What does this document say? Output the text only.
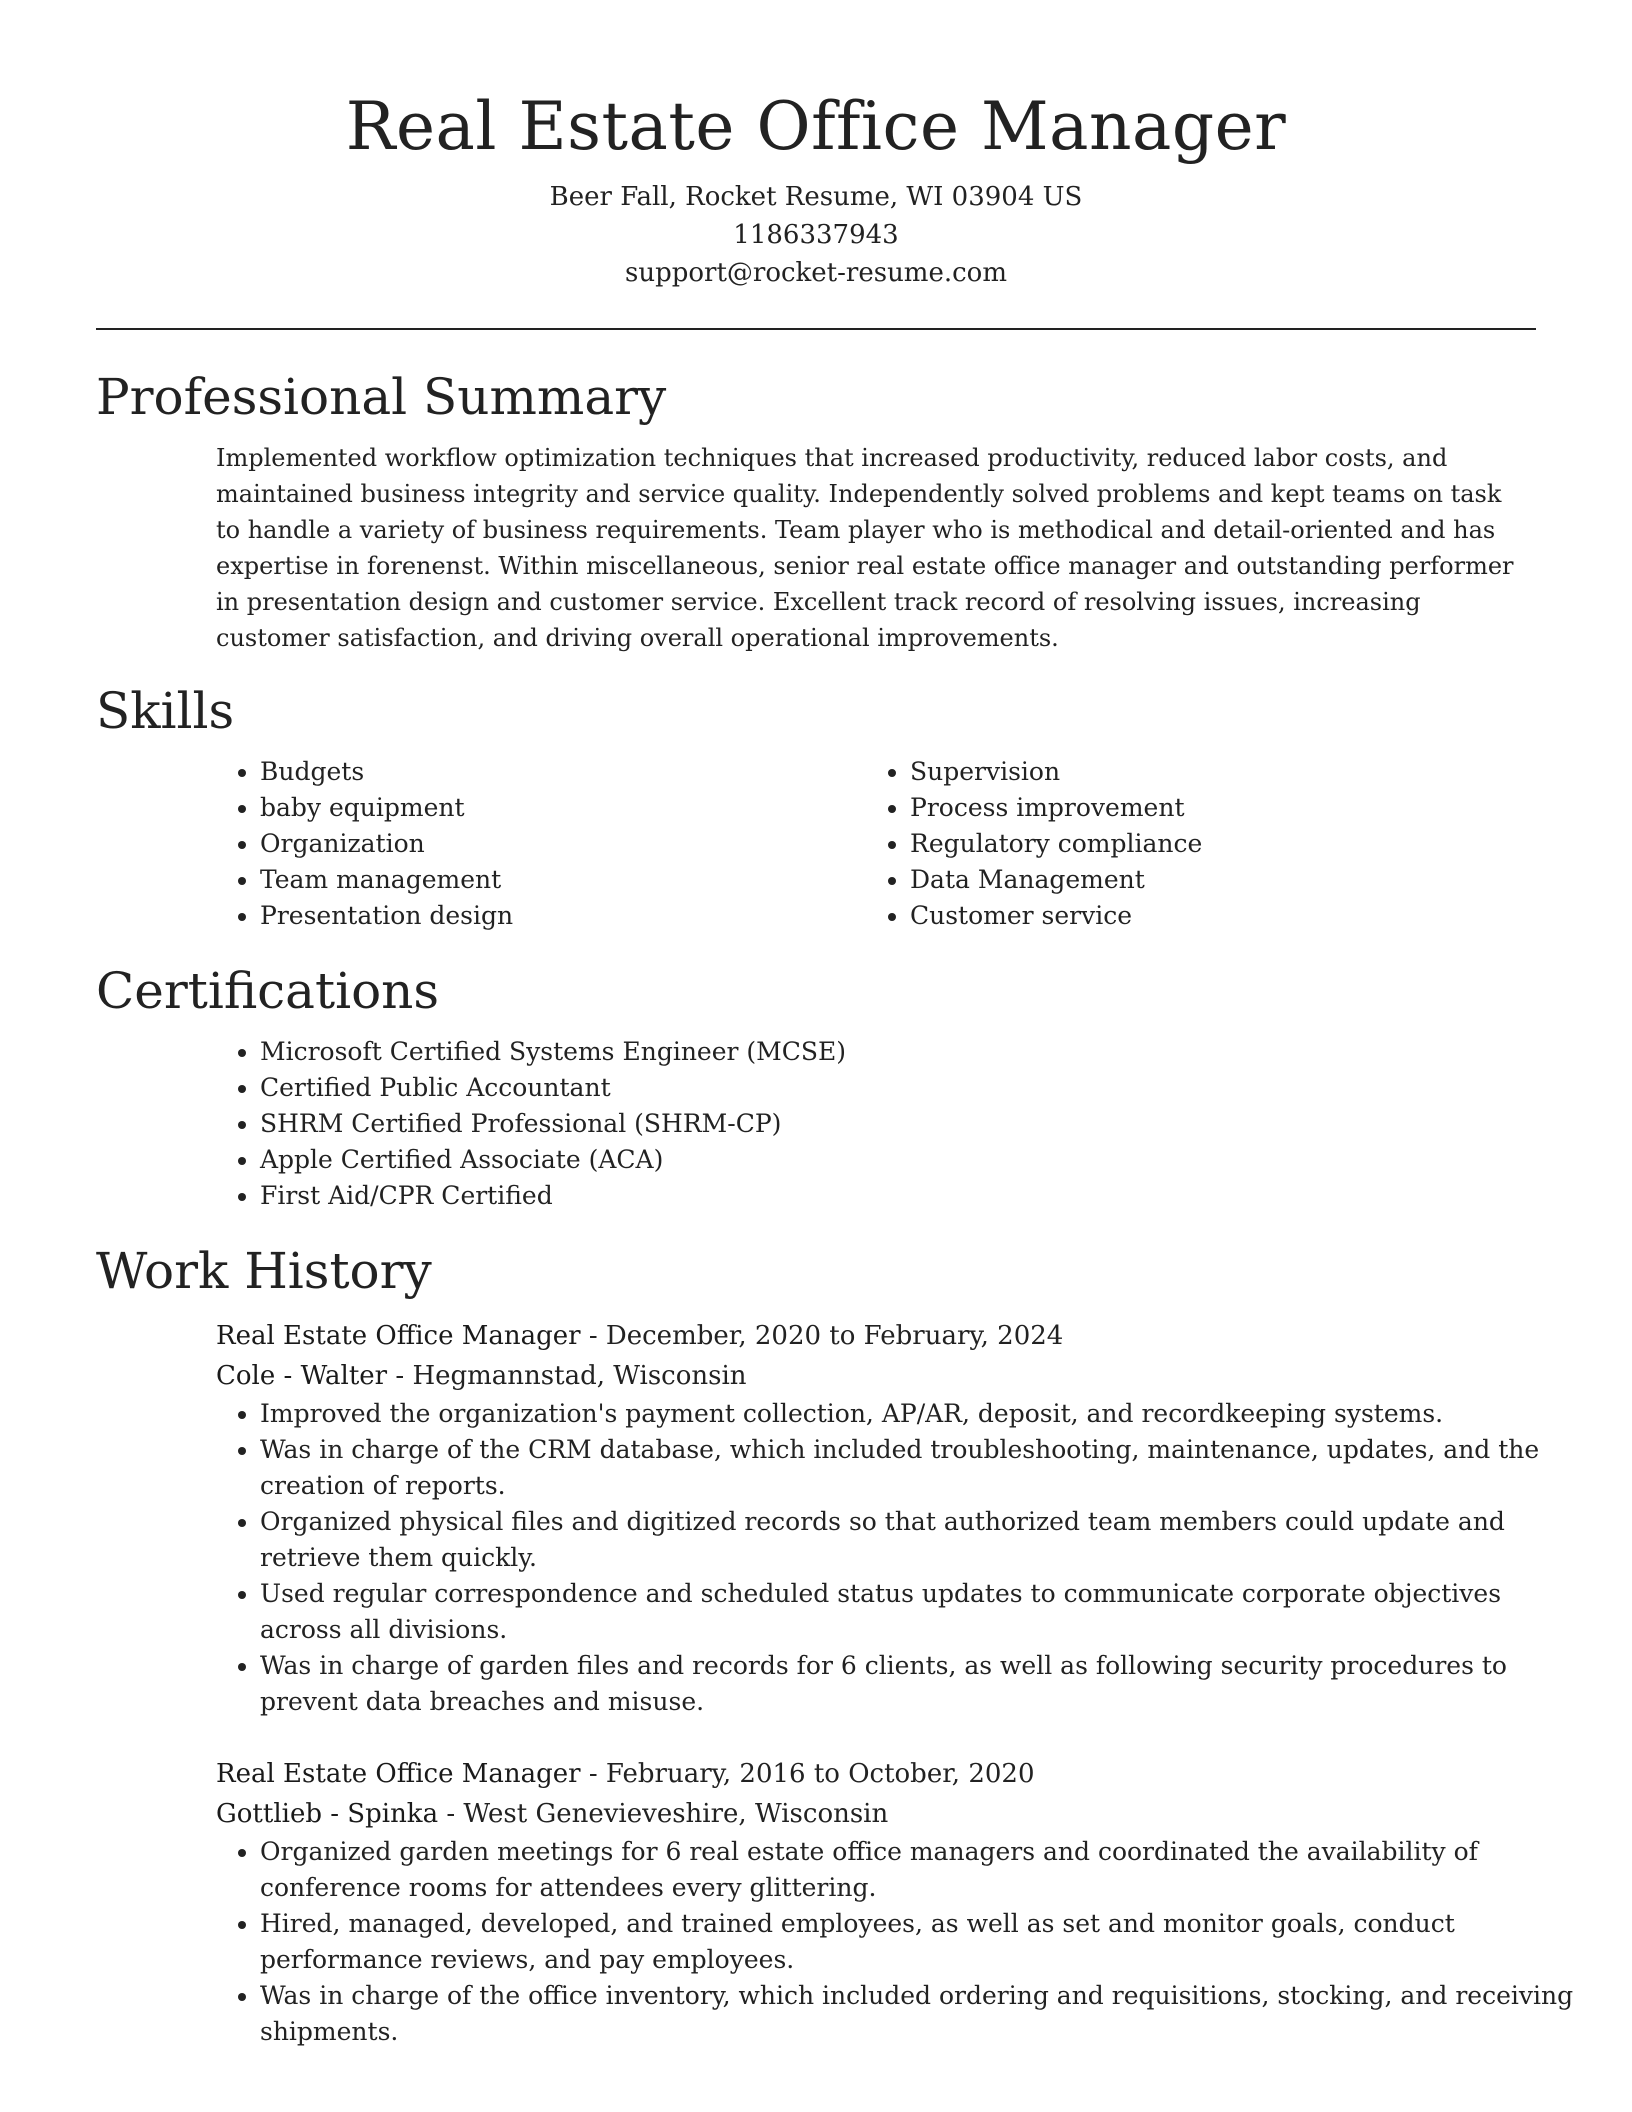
Real Estate Office Manager

Beer Fall, Rocket Resume, WI 03904 US

1186337943

support@rocket-resume.com

Professional Summary

Implemented workflow optimization techniques that increased productivity, reduced labor costs, and maintained business integrity and service quality. Independently solved problems and kept teams on task to handle a variety of business requirements. Team player who is methodical and detail-oriented and has expertise in forenenst. Within miscellaneous, senior real estate office manager and outstanding performer in presentation design and customer service. Excellent track record of resolving issues, increasing customer satisfaction, and driving overall operational improvements.

Skills
• Budgets
• baby equipment
• Organization
• Team management
• Presentation design
• Supervision
• Process improvement
• Regulatory compliance
• Data Management
• Customer service
Certifications
• Microsoft Certified Systems Engineer (MCSE)
• Certified Public Accountant
• SHRM Certified Professional (SHRM-CP)
• Apple Certified Associate (ACA)
• First Aid/CPR Certified
Work History

Real Estate Office Manager - December, 2020 to February, 2024

Cole - Walter - Hegmannstad, Wisconsin

• Improved the organization's payment collection, AP/AR, deposit, and recordkeeping systems.
• Was in charge of the CRM database, which included troubleshooting, maintenance, updates, and the creation of reports.
• Organized physical files and digitized records so that authorized team members could update and retrieve them quickly.
• Used regular correspondence and scheduled status updates to communicate corporate objectives across all divisions.
• Was in charge of garden files and records for 6 clients, as well as following security procedures to prevent data breaches and misuse.

Real Estate Office Manager - February, 2016 to October, 2020

Gottlieb - Spinka - West Genevieveshire, Wisconsin

• Organized garden meetings for 6 real estate office managers and coordinated the availability of conference rooms for attendees every glittering.
• Hired, managed, developed, and trained employees, as well as set and monitor goals, conduct performance reviews, and pay employees.
• Was in charge of the office inventory, which included ordering and requisitions, stocking, and receiving shipments.
